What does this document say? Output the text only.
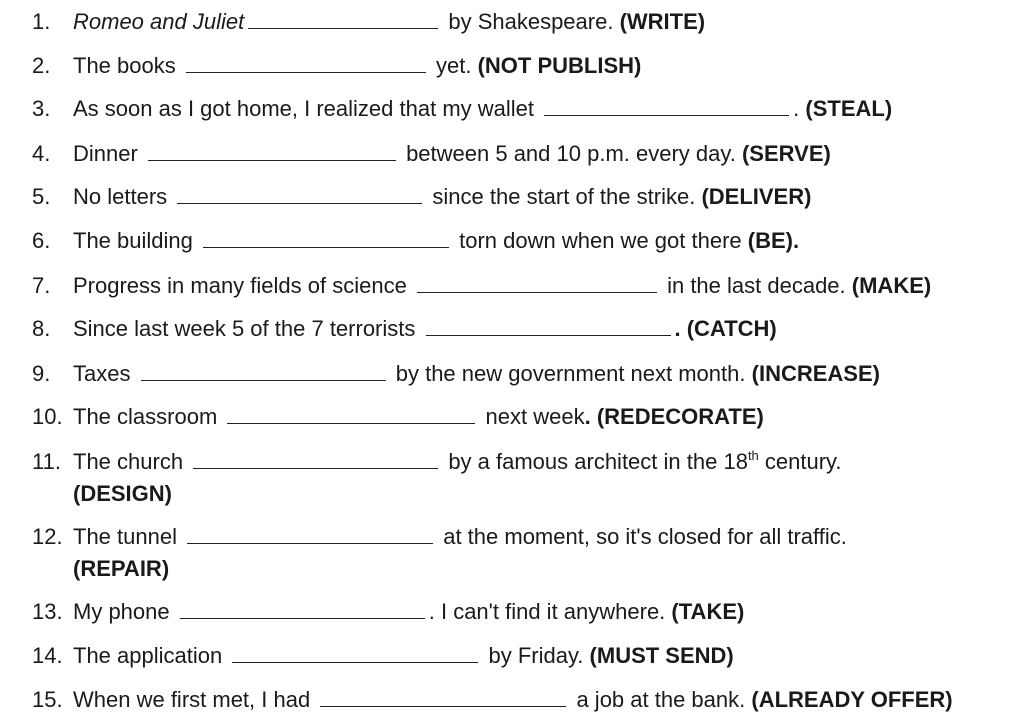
1.	Romeo and Juliet	by Shakespeare. (WRITE)
2.	The books	yet. (NOT PUBLISH)
3.	As soon as I got home, I realized that my wallet	. (STEAL)
4.	Dinner	between 5 and 10 p.m. every day. (SERVE)
5.	No letters	since the start of the strike. (DELIVER)
6.	The building	torn down when we got there (BE).
7.	Progress in many fields of science	in the last decade. (MAKE)
8.	Since last week 5 of the 7 terrorists	. (CATCH)
9.	Taxes	by the new government next month. (INCREASE)
10. The classroom	next week. (REDECORATE)
11. The church	by a famous architect in the 18th century.
(DESIGN)
12. The tunnel	at the moment, so it's closed for all traffic.
(REPAIR)
13. My phone	. I can't find it anywhere. (TAKE)
14. The application	by Friday. (MUST SEND)
15. When we first met, I had	a job at the bank. (ALREADY OFFER)
